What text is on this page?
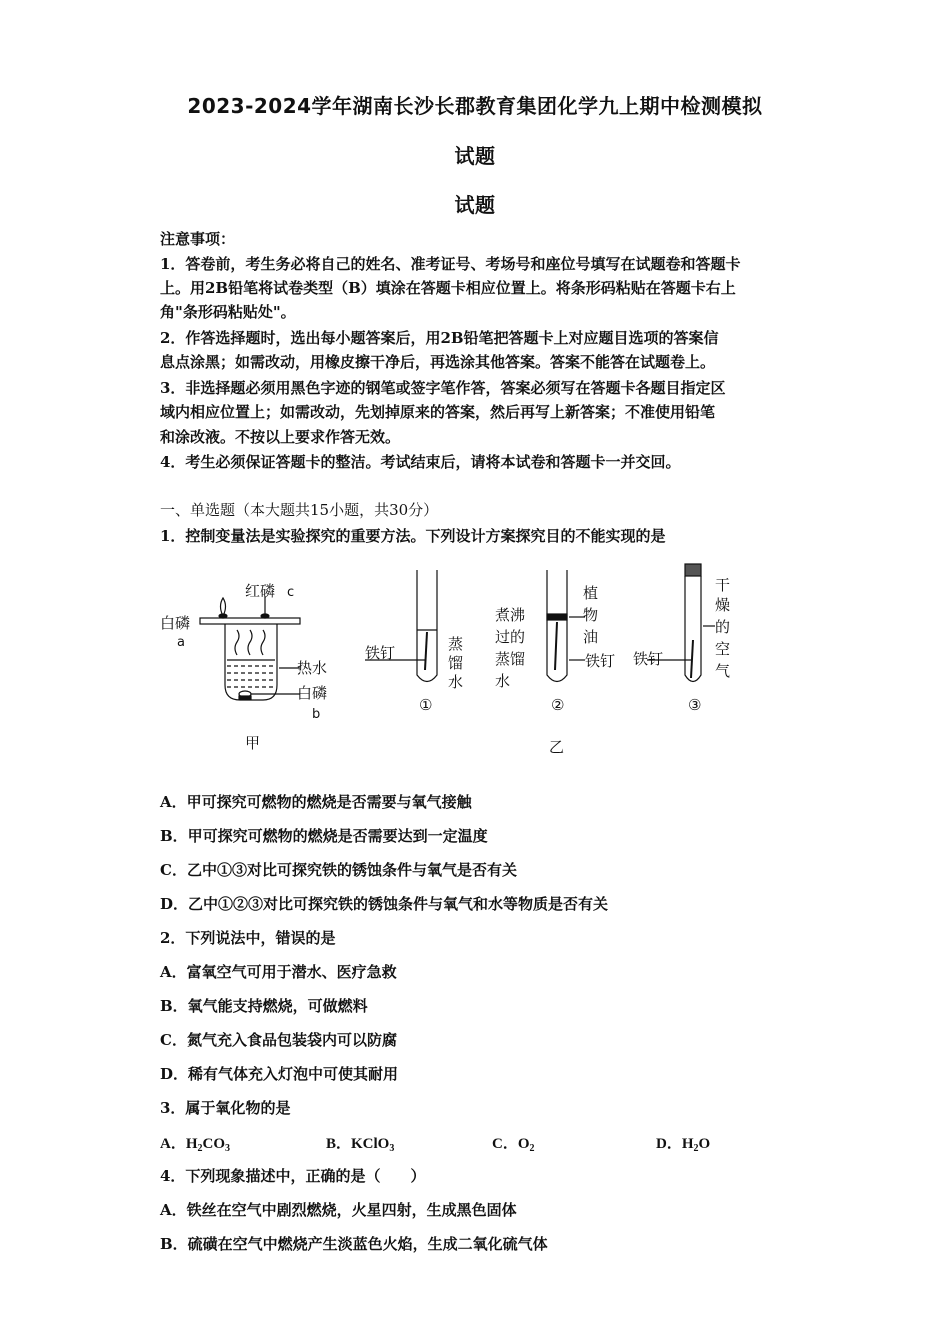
2023-2024学年湖南长沙长郡教育集团化学九上期中检测模拟
试题
试题
注意事项：
1．答卷前，考生务必将自己的姓名、准考证号、考场号和座位号填写在试题卷和答题卡
上。用2B铅笔将试卷类型（B）填涂在答题卡相应位置上。将条形码粘贴在答题卡右上
角"条形码粘贴处"。
2．作答选择题时，选出每小题答案后，用2B铅笔把答题卡上对应题目选项的答案信
息点涂黑；如需改动，用橡皮擦干净后，再选涂其他答案。答案不能答在试题卷上。
3．非选择题必须用黑色字迹的钢笔或签字笔作答，答案必须写在答题卡各题目指定区
域内相应位置上；如需改动，先划掉原来的答案，然后再写上新答案；不准使用铅笔
和涂改液。不按以上要求作答无效。
4．考生必须保证答题卡的整洁。考试结束后，请将本试卷和答题卡一并交回。
一、单选题（本大题共15小题，共30分）
1．控制变量法是实验探究的重要方法。下列设计方案探究目的不能实现的是
红磷 c
白磷
a
热水
白磷
b
甲
铁钉	蒸馏水
①
煮沸
过的
蒸馏
水
植
物
油
铁钉
②
铁钉
干
燥
的
空
气
③
乙
A．甲可探究可燃物的燃烧是否需要与氧气接触
B．甲可探究可燃物的燃烧是否需要达到一定温度
C．乙中①③对比可探究铁的锈蚀条件与氧气是否有关
D．乙中①②③对比可探究铁的锈蚀条件与氧气和水等物质是否有关
2．下列说法中，错误的是
A．富氧空气可用于潜水、医疗急救
B．氧气能支持燃烧，可做燃料
C．氮气充入食品包装袋内可以防腐
D．稀有气体充入灯泡中可使其耐用
3．属于氧化物的是
A．$H_2CO_3$	B．KClO$_3$	C．$O_2$	D．$H_2O$
4．下列现象描述中，正确的是（　　）
A．铁丝在空气中剧烈燃烧，火星四射，生成黑色固体
B．硫磺在空气中燃烧产生淡蓝色火焰，生成二氧化硫气体
